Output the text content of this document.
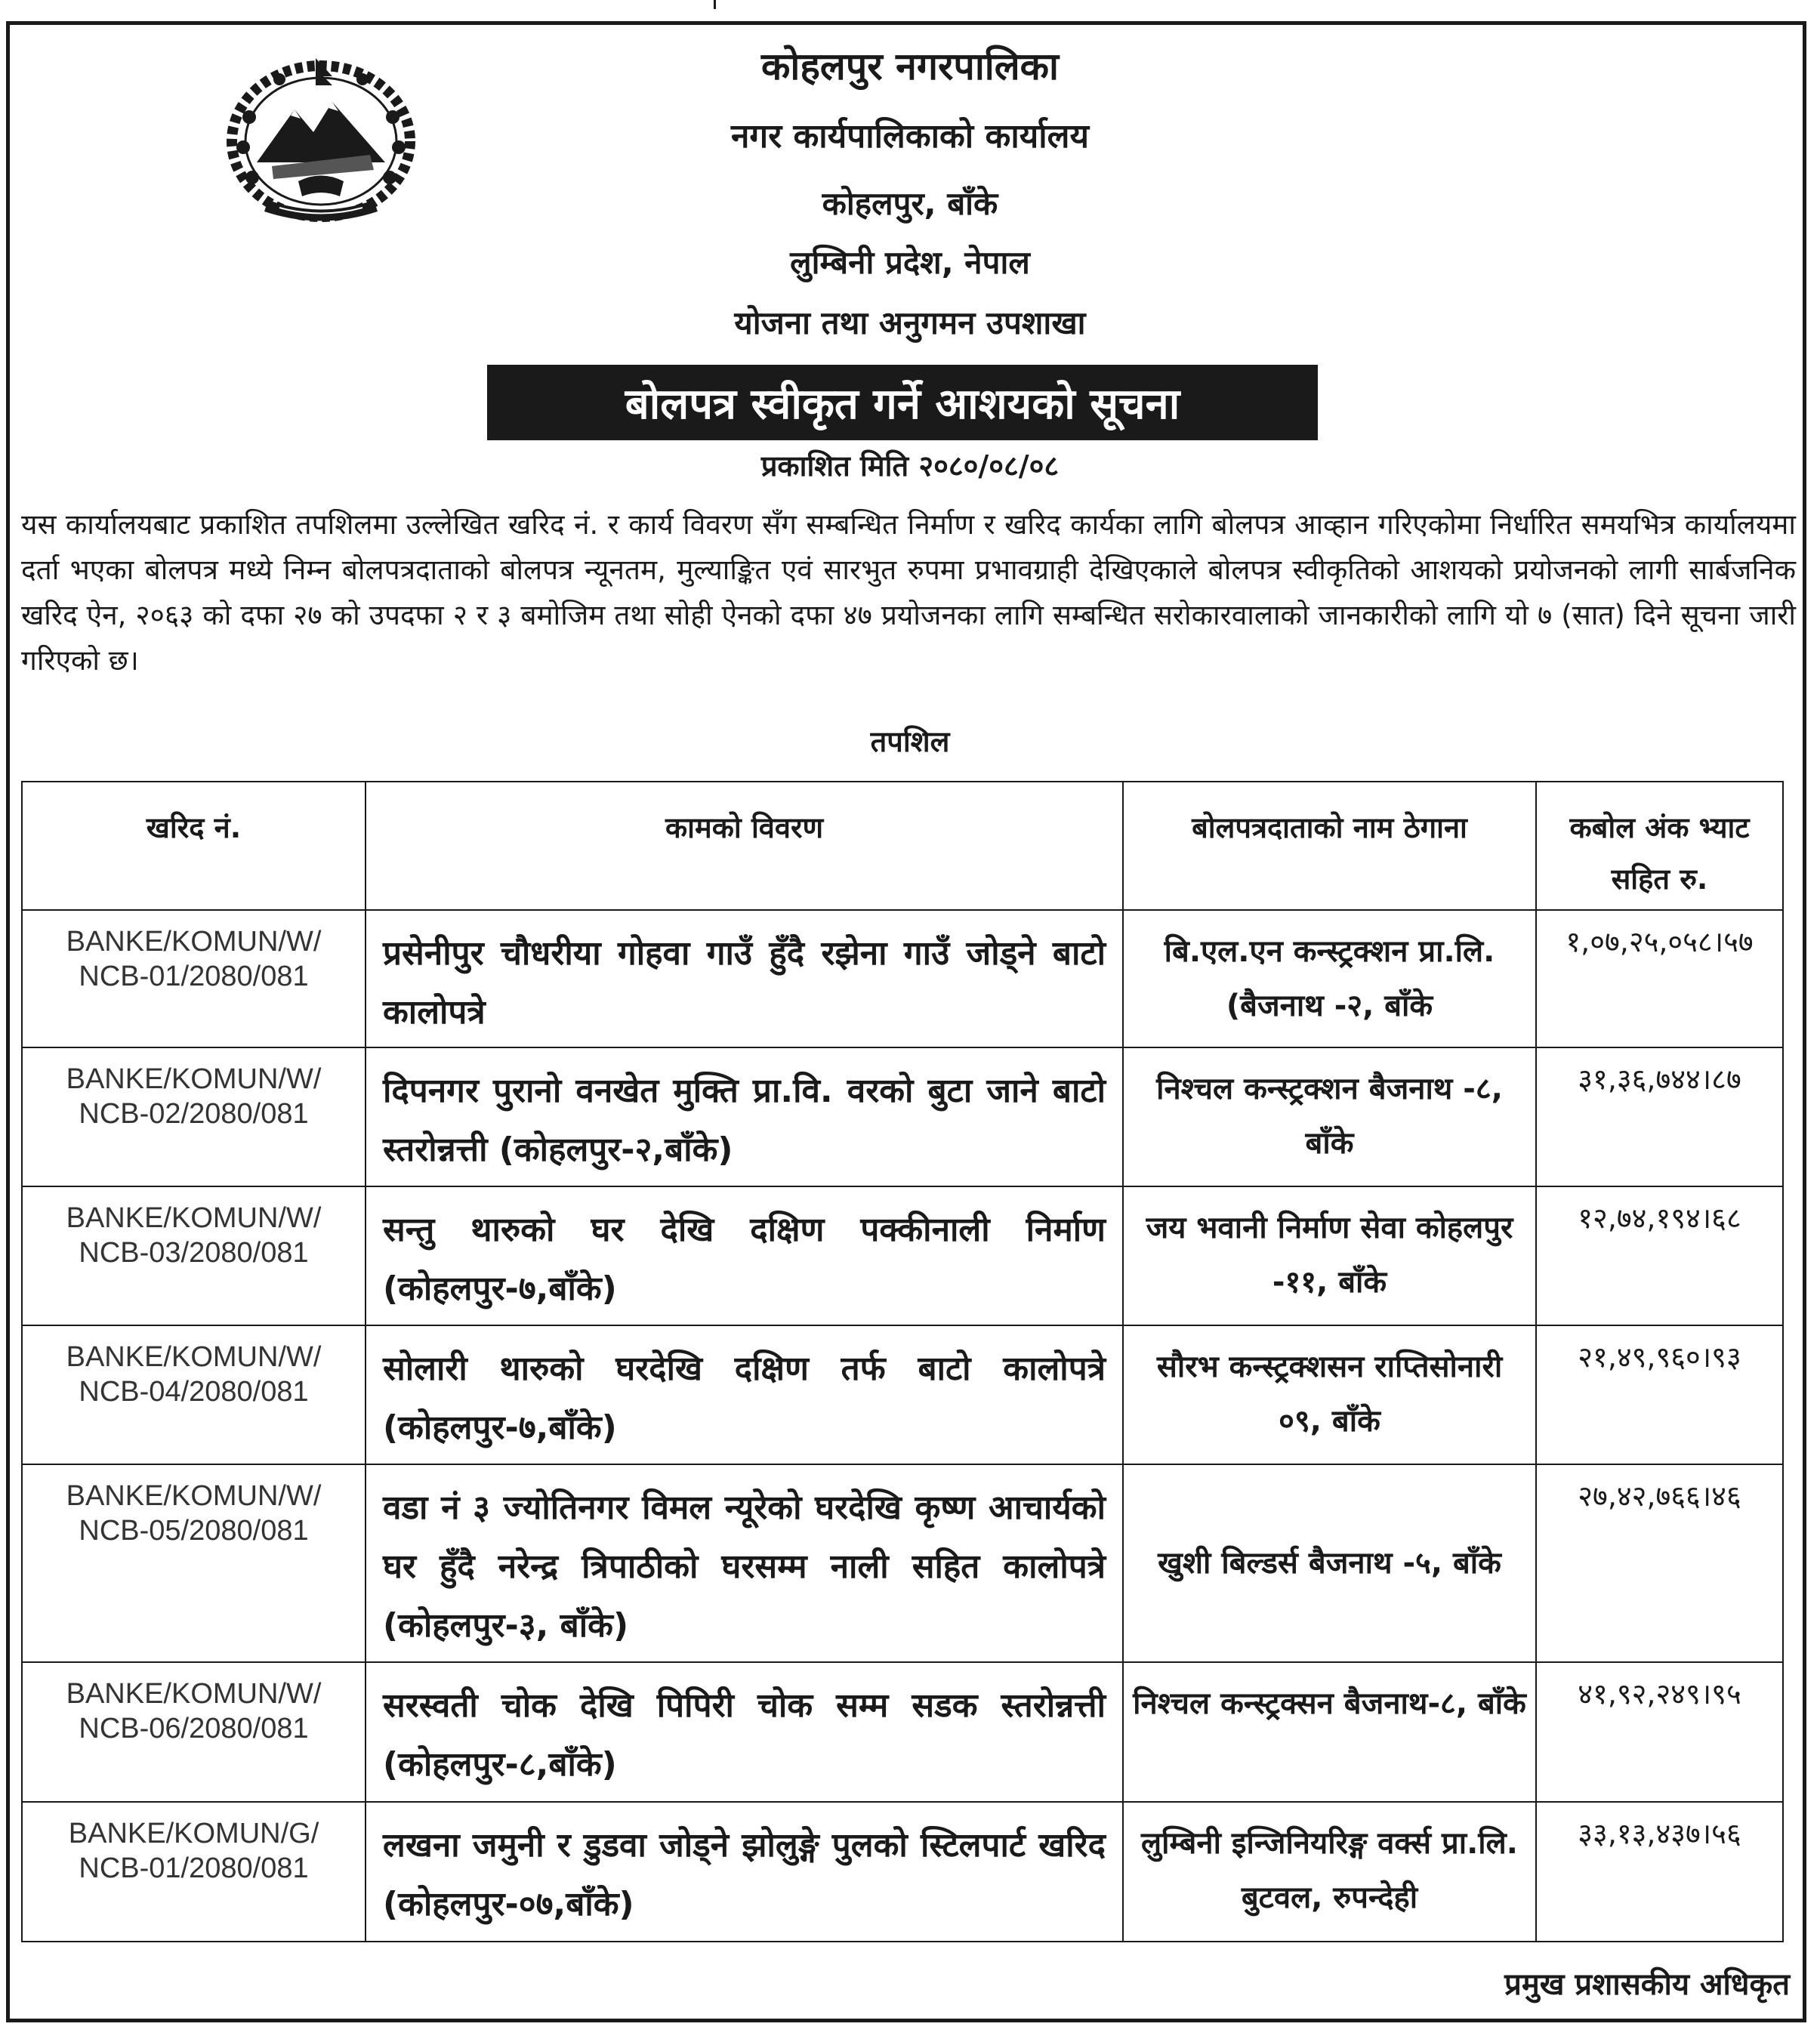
कोहलपुर नगरपालिका
नगर कार्यपालिकाको कार्यालय
कोहलपुर, बाँके
लुम्बिनी प्रदेश, नेपाल
योजना तथा अनुगमन उपशाखा
बोलपत्र स्वीकृत गर्ने आशयको सूचना
प्रकाशित मिति २०८०/०८/०८

यस कार्यालयबाट प्रकाशित तपशिलमा उल्लेखित खरिद नं. र कार्य विवरण सँग सम्बन्धित निर्माण र खरिद कार्यका लागि बोलपत्र आव्हान गरिएकोमा निर्धारित समयभित्र कार्यालयमा दर्ता भएका बोलपत्र मध्ये निम्न बोलपत्रदाताको बोलपत्र न्यूनतम, मुल्याङ्कित एवं सारभुत रुपमा प्रभावग्राही देखिएकाले बोलपत्र स्वीकृतिको आशयको प्रयोजनको लागी सार्बजनिक खरिद ऐन, २०६३ को दफा २७ को उपदफा २ र ३ बमोजिम तथा सोही ऐनको दफा ४७ प्रयोजनका लागि सम्बन्धित सरोकारवालाको जानकारीको लागि यो ७ (सात) दिने सूचना जारी गरिएको छ।

तपशिल
खरिद नं.	कामको विवरण	बोलपत्रदाताको नाम ठेगाना	कबोल अंक भ्याट सहित रु.
BANKE/KOMUN/W/
NCB-01/2080/081	प्रसेनीपुर चौधरीया गोहवा गाउँ हुँदै रझेना गाउँ जोड्ने बाटो कालोपत्रे	बि.एल.एन कन्स्ट्रक्शन प्रा.लि. (बैजनाथ -२, बाँके	१,०७,२५,०५८।५७
BANKE/KOMUN/W/
NCB-02/2080/081	दिपनगर पुरानो वनखेत मुक्ति प्रा.वि. वरको बुटा जाने बाटो स्तरोन्नत्ती (कोहलपुर-२,बाँके)	निश्चल कन्स्ट्रक्शन बैजनाथ -८, बाँके	३१,३६,७४४।८७
BANKE/KOMUN/W/
NCB-03/2080/081	सन्तु थारुको घर देखि दक्षिण पक्कीनाली निर्माण (कोहलपुर-७,बाँके)	जय भवानी निर्माण सेवा कोहलपुर -११, बाँके	१२,७४,१९४।६८
BANKE/KOMUN/W/
NCB-04/2080/081	सोलारी थारुको घरदेखि दक्षिण तर्फ बाटो कालोपत्रे (कोहलपुर-७,बाँके)	सौरभ कन्स्ट्रक्शसन राप्तिसोनारी ०९, बाँके	२१,४९,९६०।९३
BANKE/KOMUN/W/
NCB-05/2080/081	वडा नं ३ ज्योतिनगर विमल न्यूरेको घरदेखि कृष्ण आचार्यको घर हुँदै नरेन्द्र त्रिपाठीको घरसम्म नाली सहित कालोपत्रे (कोहलपुर-३, बाँके)	खुशी बिल्डर्स बैजनाथ -५, बाँके	२७,४२,७६६।४६
BANKE/KOMUN/W/
NCB-06/2080/081	सरस्वती चोक देखि पिपिरी चोक सम्म सडक स्तरोन्नत्ती (कोहलपुर-८,बाँके)	निश्चल कन्स्ट्रक्सन बैजनाथ-८, बाँके	४१,९२,२४९।९५
BANKE/KOMUN/G/
NCB-01/2080/081	लखना जमुनी र डुडवा जोड्ने झोलुङ्गे पुलको स्टिलपार्ट खरिद (कोहलपुर-०७,बाँके)	लुम्बिनी इन्जिनियरिङ्ग वर्क्स प्रा.लि. बुटवल, रुपन्देही	३३,१३,४३७।५६
प्रमुख प्रशासकीय अधिकृत
